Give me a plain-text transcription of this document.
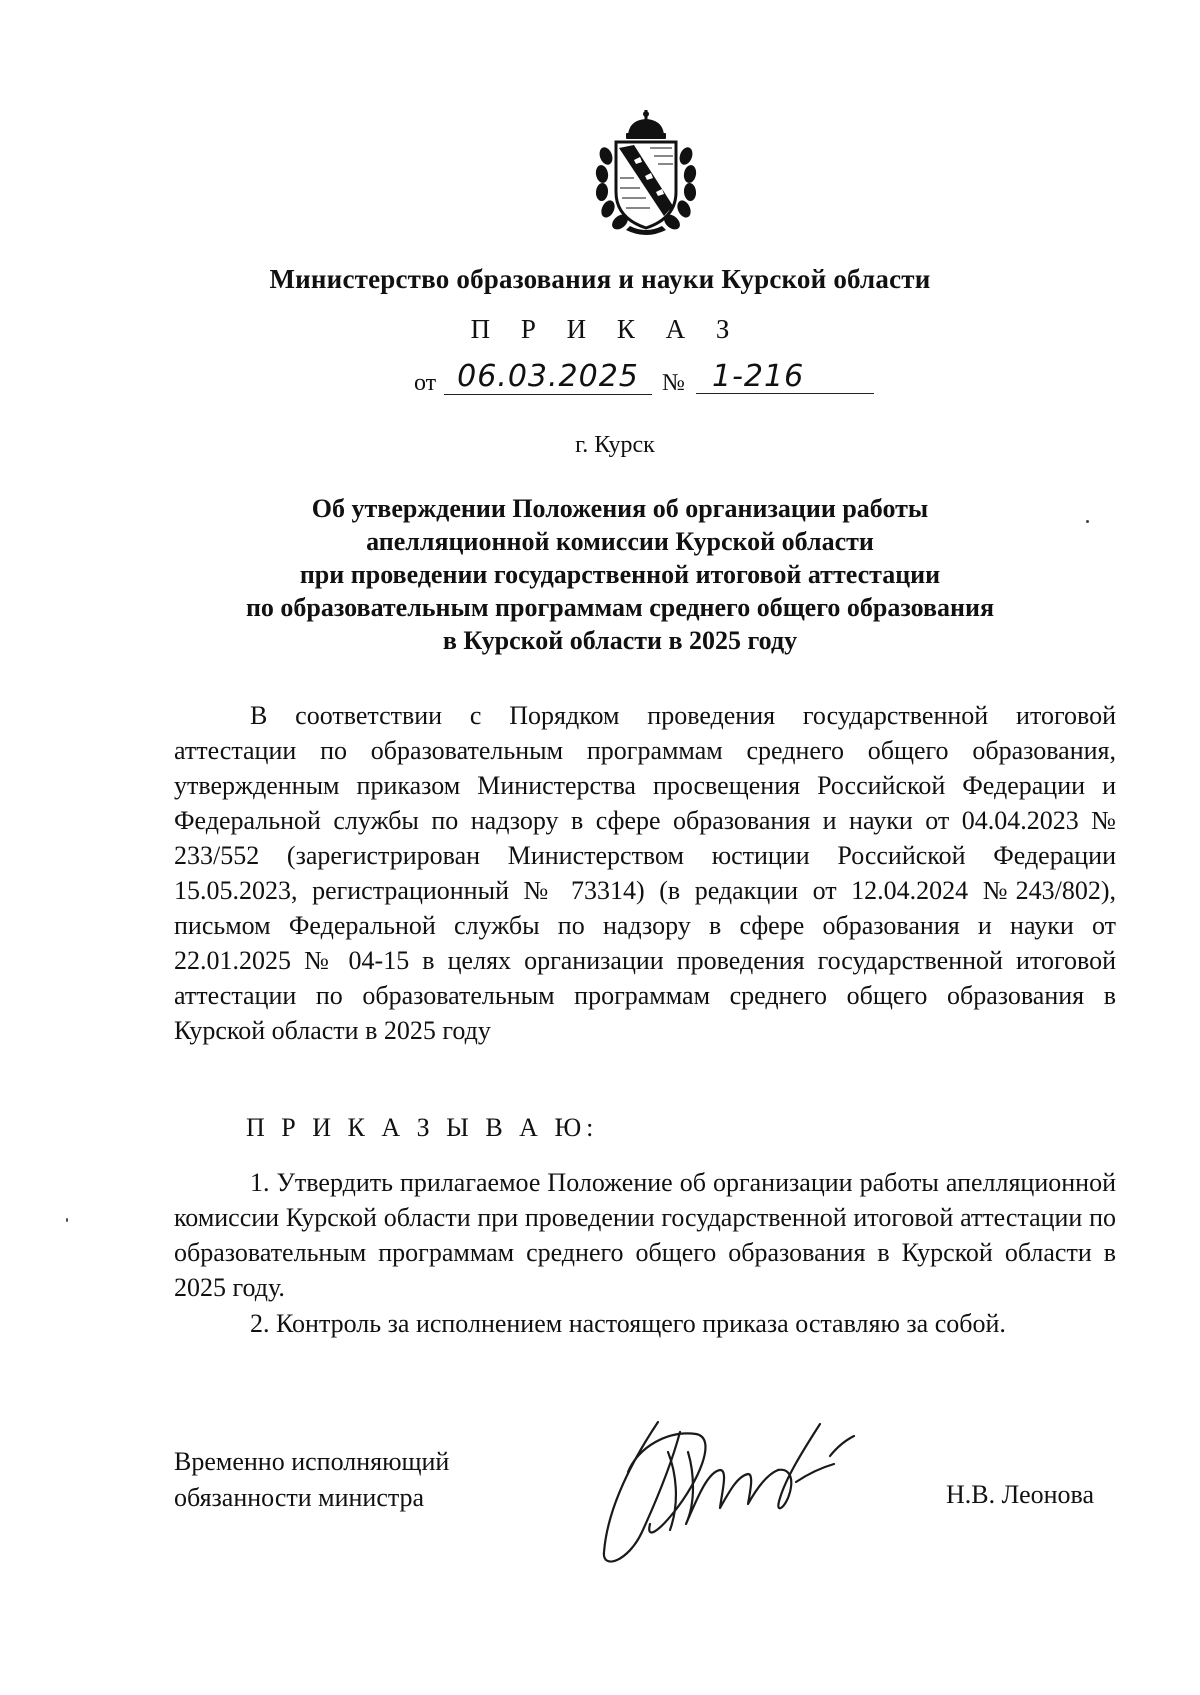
Министерство образования и науки Курской области
П Р И К А З
от 06.03.2025 № 1-216
г. Курск
Об утверждении Положения об организации работы
апелляционной комиссии Курской области
при проведении государственной итоговой аттестации
по образовательным программам среднего общего образования
в Курской области в 2025 году
В соответствии с Порядком проведения государственной итоговой аттестации по образовательным программам среднего общего образования, утвержденным приказом Министерства просвещения Российской Федерации и Федеральной службы по надзору в сфере образования и науки от 04.04.2023 № 233/552 (зарегистрирован Министерством юстиции Российской Федерации 15.05.2023, регистрационный № 73314) (в редакции от 12.04.2024 №243/802), письмом Федеральной службы по надзору в сфере образования и науки от 22.01.2025 № 04-15 в целях организации проведения государственной итоговой аттестации по образовательным программам среднего общего образования в Курской области в 2025 году
П Р И К А З Ы В А Ю:
1. Утвердить прилагаемое Положение об организации работы апелляционной комиссии Курской области при проведении государственной итоговой аттестации по образовательным программам среднего общего образования в Курской области в 2025 году.
2. Контроль за исполнением настоящего приказа оставляю за собой.
Временно исполняющий
обязанности министра	Н.В. Леонова
